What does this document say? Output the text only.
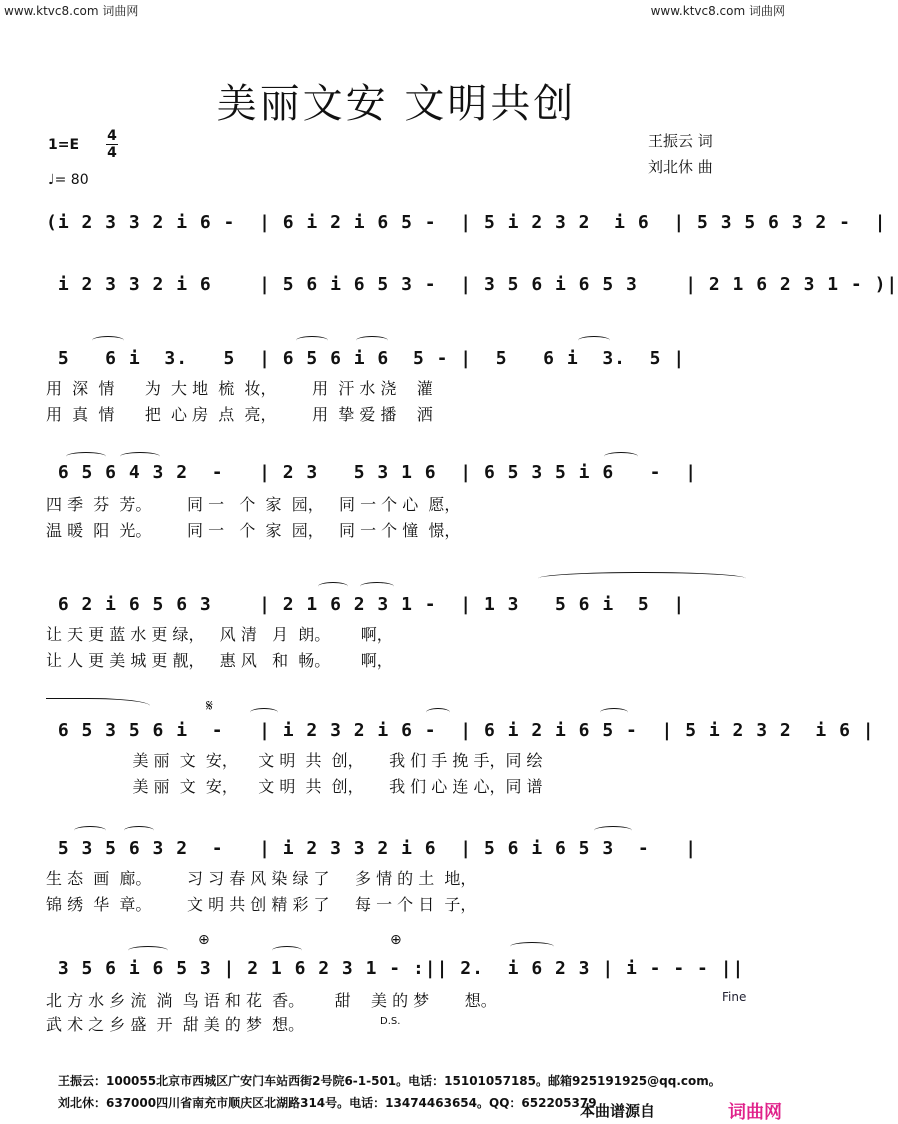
www.ktvc8.com 词曲网	www.ktvc8.com 词曲网
美丽文安 文明共创
1=E
4
4
♩= 80
王振云 词
刘北休 曲
(i 2 3 3 2 i 6 -  | 6 i 2 i 6 5 -  | 5 i 2 3 2  i 6  | 5 3 5 6 3 2 -  |
i 2 3 3 2 i 6    | 5 6 i 6 5 3 -  | 3 5 6 i 6 5 3    | 2 1 6 2 3 1 - )|
5   6 i  3.   5  | 6 5 6 i 6  5 - |  5   6 i  3.  5 |
6 5 6 4 3 2  -   | 2 3   5 3 1 6  | 6 5 3 5 i 6   -  |
6 2 i 6 5 6 3    | 2 1 6 2 3 1 -  | 1 3   5 6 i  5  |
6 5 3 5 6 i  -   | i 2 3 2 i 6 -  | 6 i 2 i 6 5 -  | 5 i 2 3 2  i 6 |
5 3 5 6 3 2  -   | i 2 3 3 2 i 6  | 5 6 i 6 5 3  -   |
3 5 6 i 6 5 3 | 2 1 6 2 3 1 - :|| 2.  i 6 2 3 | i - - - ||
𝄋
⊕	⊕
用  深  情      为  大 地  梳  妆，       用  汗 水 浇    灌
用  真  情      把  心 房  点  亮，       用  挚 爱 播    洒
四 季  芬  芳。       同 一   个  家  园，   同 一 个 心  愿，
温 暖  阳  光。       同 一   个  家  园，   同 一 个 憧  憬，
让 天 更 蓝 水 更 绿，   风 清   月  朗。      啊，
让 人 更 美 城 更 靓，   惠 风   和  畅。      啊，
美 丽  文  安，    文 明  共  创，     我 们 手 挽 手，同 绘
美 丽  文  安，    文 明  共  创，     我 们 心 连 心，同 谱
生 态  画  廊。       习 习 春 风 染 绿 了     多 情 的 土  地，
锦 绣  华  章。       文 明 共 创 精 彩 了     每 一 个 日  子，
北 方 水 乡 流  淌  鸟 语 和 花  香。      甜    美 的 梦       想。
武 术 之 乡 盛  开  甜 美 的 梦  想。
Fine
D.S.
王振云：100055北京市西城区广安门车站西街2号院6-1-501。电话：15101057185。邮箱925191925@qq.com。
刘北休：637000四川省南充市顺庆区北湖路314号。电话：13474463654。QQ：652205379
本曲谱源自	词曲网
